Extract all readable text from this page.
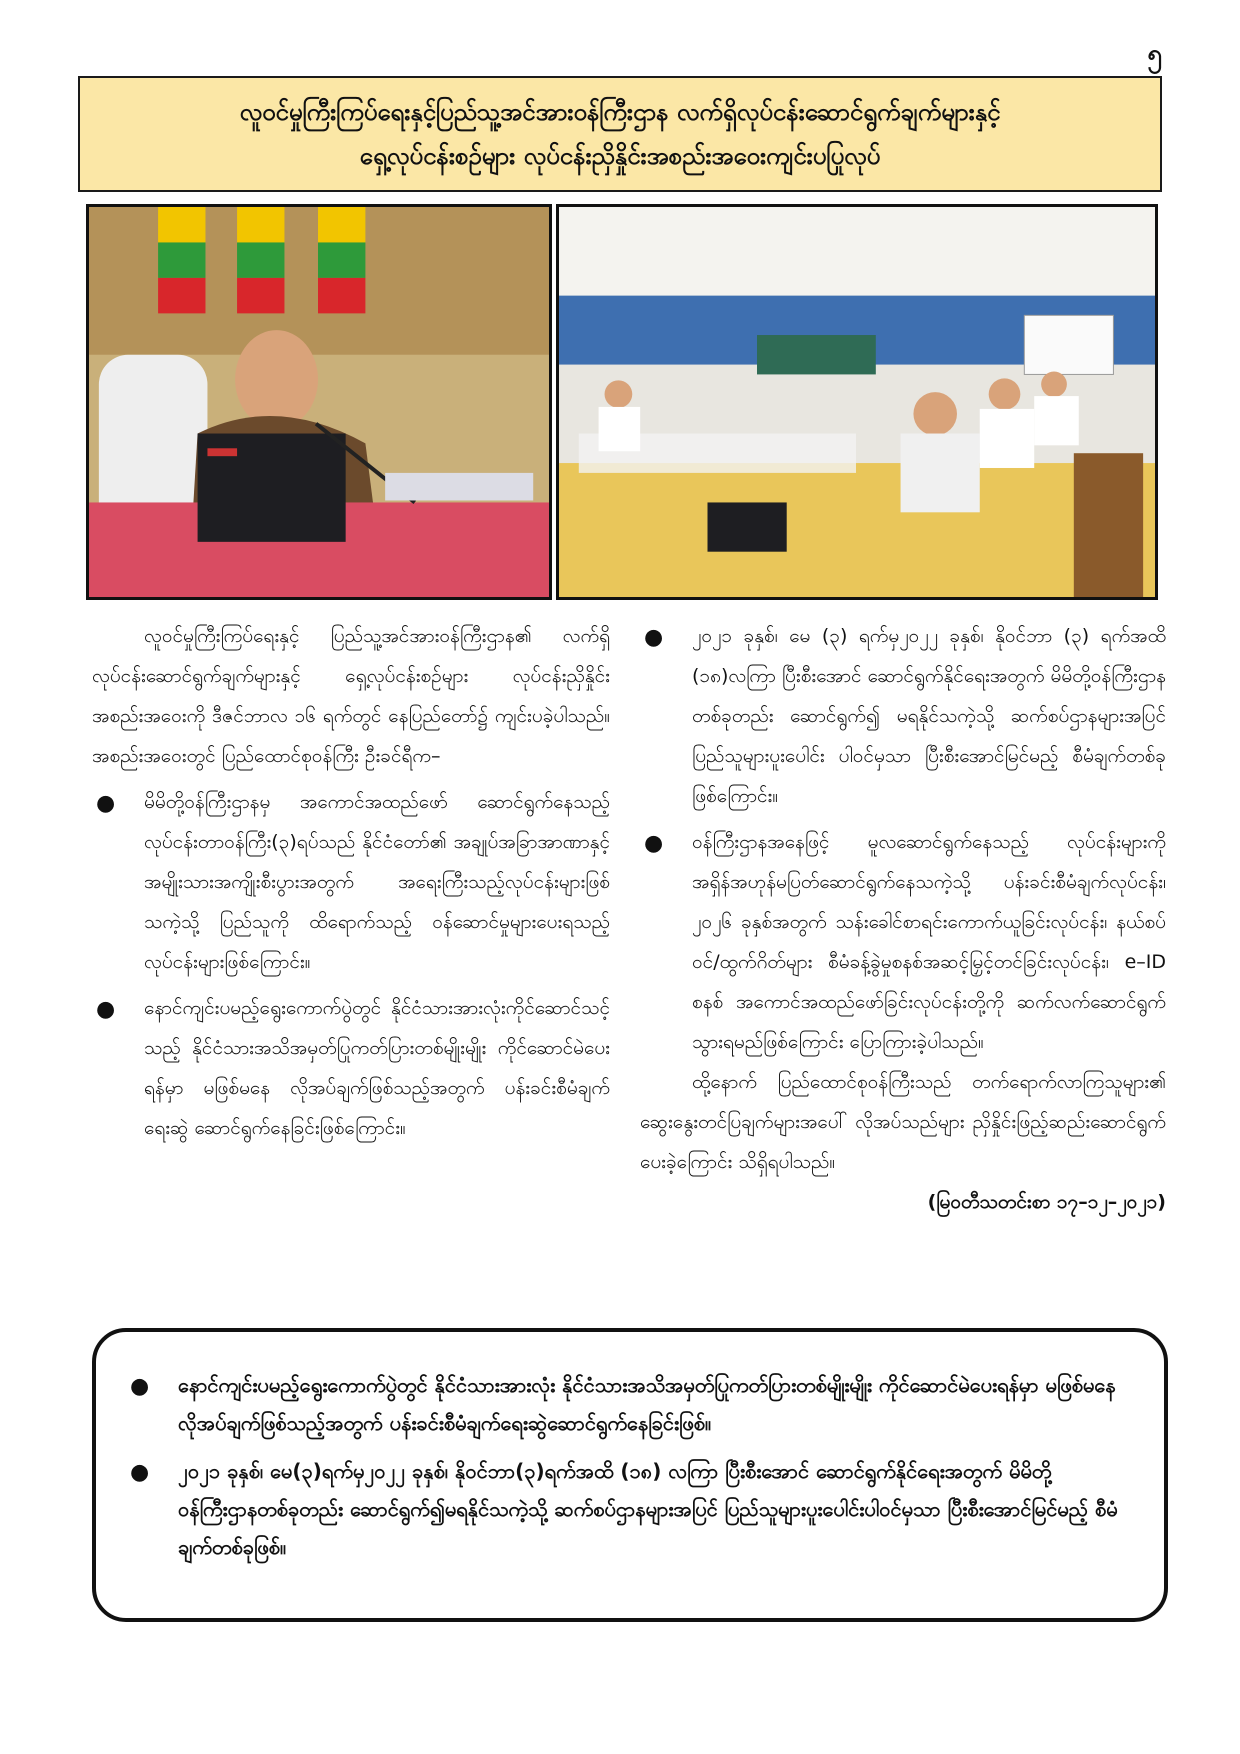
၅
လူဝင်မှုကြီးကြပ်ရေးနှင့်ပြည်သူ့အင်အားဝန်ကြီးဌာန လက်ရှိလုပ်ငန်းဆောင်ရွက်ချက်များနှင့်
ရှေ့လုပ်ငန်းစဉ်များ လုပ်ငန်းညှိနှိုင်းအစည်းအဝေးကျင်းပပြုလုပ်

လူဝင်မှုကြီးကြပ်ရေးနှင့် ပြည်သူ့အင်အားဝန်ကြီးဌာန၏ လက်ရှိလုပ်ငန်းဆောင်ရွက်ချက်များနှင့် ရှေ့လုပ်ငန်းစဉ်များ လုပ်ငန်းညှိနှိုင်းအစည်းအဝေးကို ဒီဇင်ဘာလ ၁၆ ရက်တွင် နေပြည်တော်၌ ကျင်းပခဲ့ပါသည်။ အစည်းအဝေးတွင် ပြည်ထောင်စုဝန်ကြီး ဦးခင်ရီက–

● မိမိတို့ဝန်ကြီးဌာနမှ အကောင်အထည်ဖော် ဆောင်ရွက်နေသည့် လုပ်ငန်းတာဝန်ကြီး(၃)ရပ်သည် နိုင်ငံတော်၏ အချုပ်အခြာအာဏာနှင့် အမျိုးသားအကျိုးစီးပွားအတွက် အရေးကြီးသည့်လုပ်ငန်းများဖြစ်သကဲ့သို့ ပြည်သူကို ထိရောက်သည့် ဝန်ဆောင်မှုများပေးရသည့် လုပ်ငန်းများဖြစ်ကြောင်း။

● နောင်ကျင်းပမည့်ရွေးကောက်ပွဲတွင် နိုင်ငံသားအားလုံးကိုင်ဆောင်သင့်သည့် နိုင်ငံသားအသိအမှတ်ပြုကတ်ပြားတစ်မျိုးမျိုး ကိုင်ဆောင်မဲပေးရန်မှာ မဖြစ်မနေ လိုအပ်ချက်ဖြစ်သည့်အတွက် ပန်းခင်းစီမံချက်ရေးဆွဲ ဆောင်ရွက်နေခြင်းဖြစ်ကြောင်း။

● ၂၀၂၁ ခုနှစ်၊ မေ (၃) ရက်မှ၂၀၂၂ ခုနှစ်၊ နိုဝင်ဘာ (၃) ရက်အထိ (၁၈)လကြာ ပြီးစီးအောင် ဆောင်ရွက်နိုင်ရေးအတွက် မိမိတို့ဝန်ကြီးဌာနတစ်ခုတည်း ဆောင်ရွက်၍ မရနိုင်သကဲ့သို့ ဆက်စပ်ဌာနများအပြင် ပြည်သူများပူးပေါင်း ပါဝင်မှသာ ပြီးစီးအောင်မြင်မည့် စီမံချက်တစ်ခုဖြစ်ကြောင်း။

● ဝန်ကြီးဌာနအနေဖြင့် မူလဆောင်ရွက်နေသည့် လုပ်ငန်းများကို အရှိန်အဟုန်မပြတ်ဆောင်ရွက်နေသကဲ့သို့ ပန်းခင်းစီမံချက်လုပ်ငန်း၊ ၂၀၂၆ ခုနှစ်အတွက် သန်းခေါင်စာရင်းကောက်ယူခြင်းလုပ်ငန်း၊ နယ်စပ်ဝင်/ထွက်ဂိတ်များ စီမံခန့်ခွဲမှုစနစ်အဆင့်မြှင့်တင်ခြင်းလုပ်ငန်း၊ e–ID စနစ် အကောင်အထည်ဖော်ခြင်းလုပ်ငန်းတို့ကို ဆက်လက်ဆောင်ရွက်သွားရမည်ဖြစ်ကြောင်း ပြောကြားခဲ့ပါသည်။

ထို့နောက် ပြည်ထောင်စုဝန်ကြီးသည် တက်ရောက်လာကြသူများ၏ ဆွေးနွေးတင်ပြချက်များအပေါ် လိုအပ်သည်များ ညှိနှိုင်းဖြည့်ဆည်းဆောင်ရွက်ပေးခဲ့ကြောင်း သိရှိရပါသည်။

(မြဝတီသတင်းစာ ၁၇–၁၂–၂၀၂၁)

● နောင်ကျင်းပမည့်ရွေးကောက်ပွဲတွင် နိုင်ငံသားအားလုံး နိုင်ငံသားအသိအမှတ်ပြုကတ်ပြားတစ်မျိုးမျိုး ကိုင်ဆောင်မဲပေးရန်မှာ မဖြစ်မနေ လိုအပ်ချက်ဖြစ်သည့်အတွက် ပန်းခင်းစီမံချက်ရေးဆွဲဆောင်ရွက်နေခြင်းဖြစ်။

● ၂၀၂၁ ခုနှစ်၊ မေ(၃)ရက်မှ၂၀၂၂ ခုနှစ်၊ နိုဝင်ဘာ(၃)ရက်အထိ (၁၈) လကြာ ပြီးစီးအောင် ဆောင်ရွက်နိုင်ရေးအတွက် မိမိတို့ဝန်ကြီးဌာနတစ်ခုတည်း ဆောင်ရွက်၍မရနိုင်သကဲ့သို့ ဆက်စပ်ဌာနများအပြင် ပြည်သူများပူးပေါင်းပါဝင်မှသာ ပြီးစီးအောင်မြင်မည့် စီမံချက်တစ်ခုဖြစ်။
